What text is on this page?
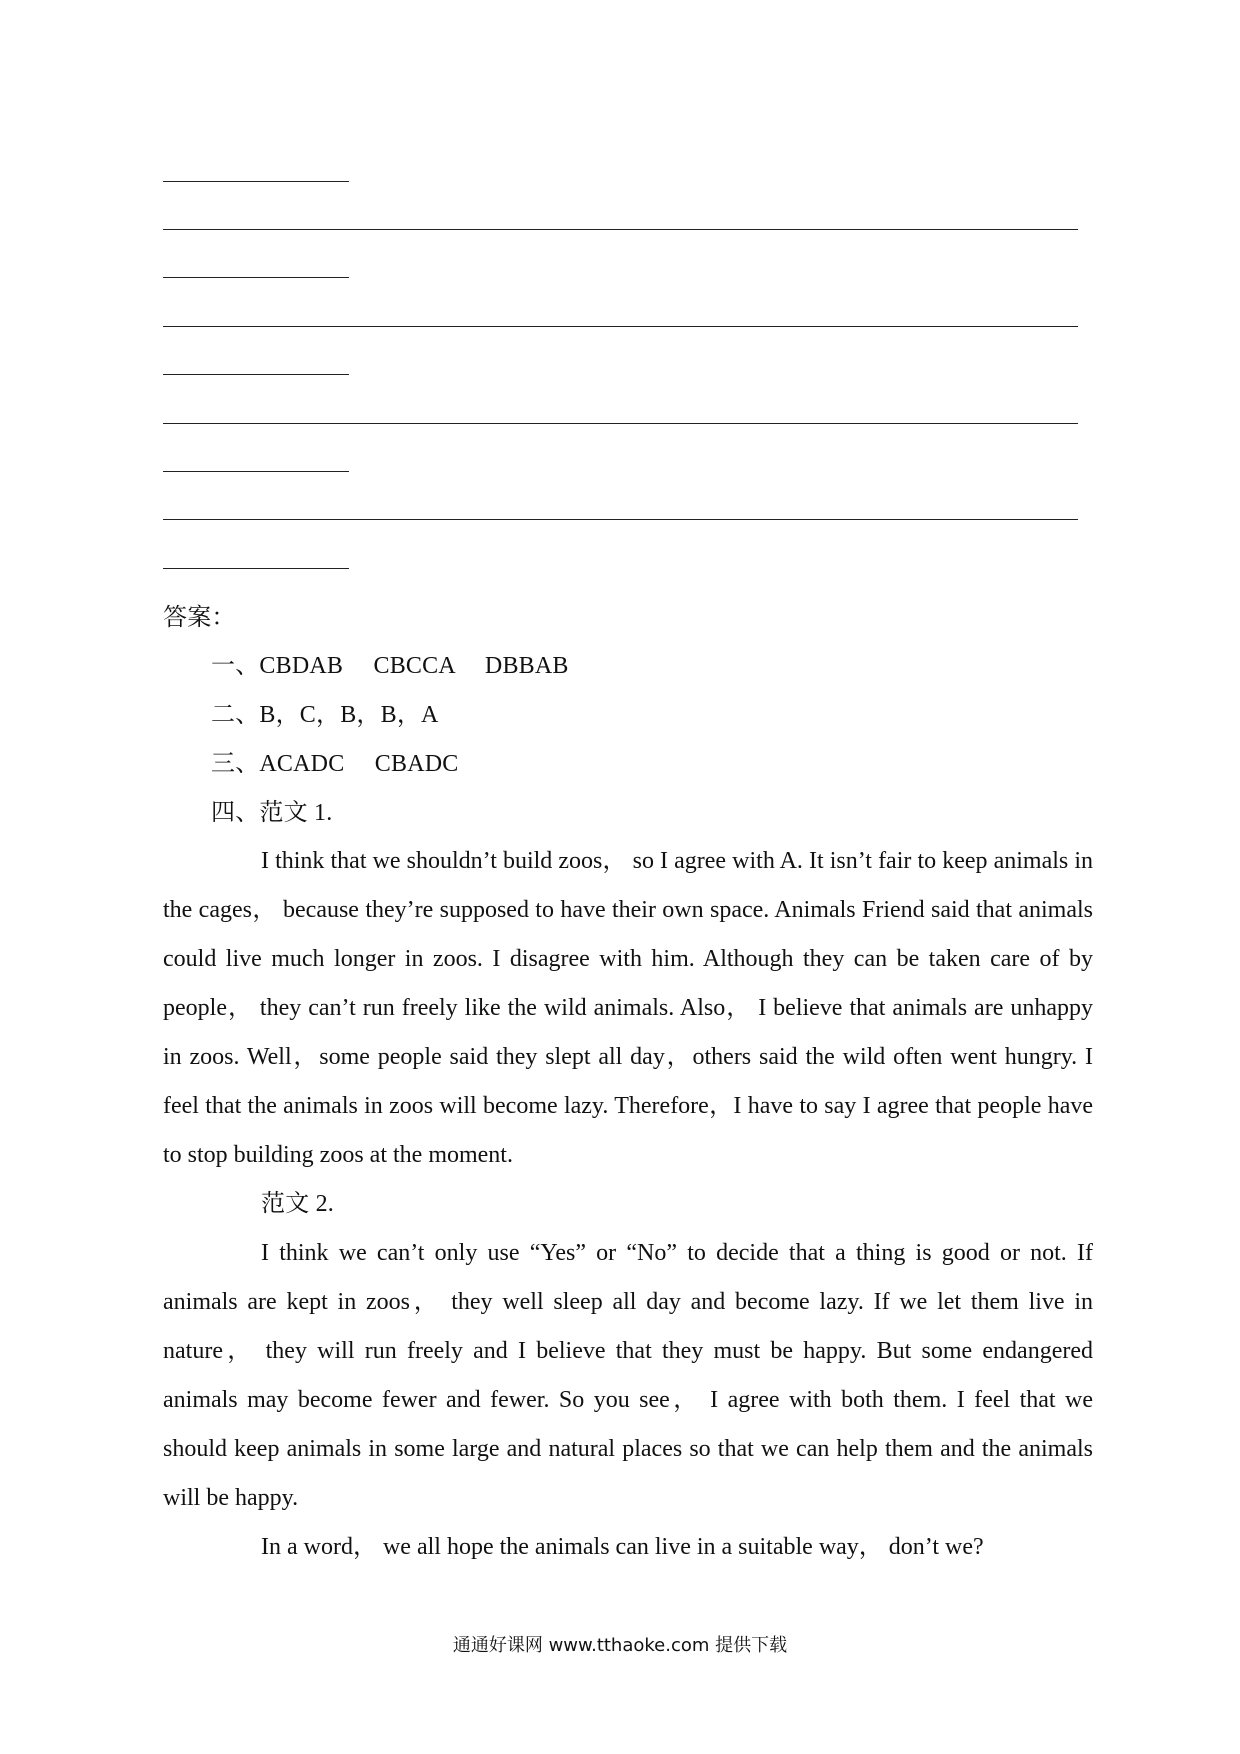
答案：
一、CBDAB　 CBCCA　 DBBAB
二、B，C，B，B，A
三、ACADC　 CBADC
四、范文 1.
I think that we shouldn’t build zoos， so I agree with A. It isn’t fair to keep animals in the cages， because they’re supposed to have their own space. Animals Friend said that animals could live much longer in zoos. I disagree with him. Although they can be taken care of by people， they can’t run freely like the wild animals. Also， I believe that animals are unhappy in zoos. Well，some people said they slept all day，others said the wild often went hungry. I feel that the animals in zoos will become lazy. Therefore，I have to say I agree that people have to stop building zoos at the moment.
范文 2.
I think we can’t only use “Yes” or “No” to decide that a thing is good or not. If animals are kept in zoos， they well sleep all day and become lazy. If we let them live in nature， they will run freely and I believe that they must be happy. But some endangered animals may become fewer and fewer. So you see， I agree with both them. I feel that we should keep animals in some large and natural places so that we can help them and the animals will be happy.
In a word， we all hope the animals can live in a suitable way， don’t we?
通通好课网 www.tthaoke.com 提供下载
